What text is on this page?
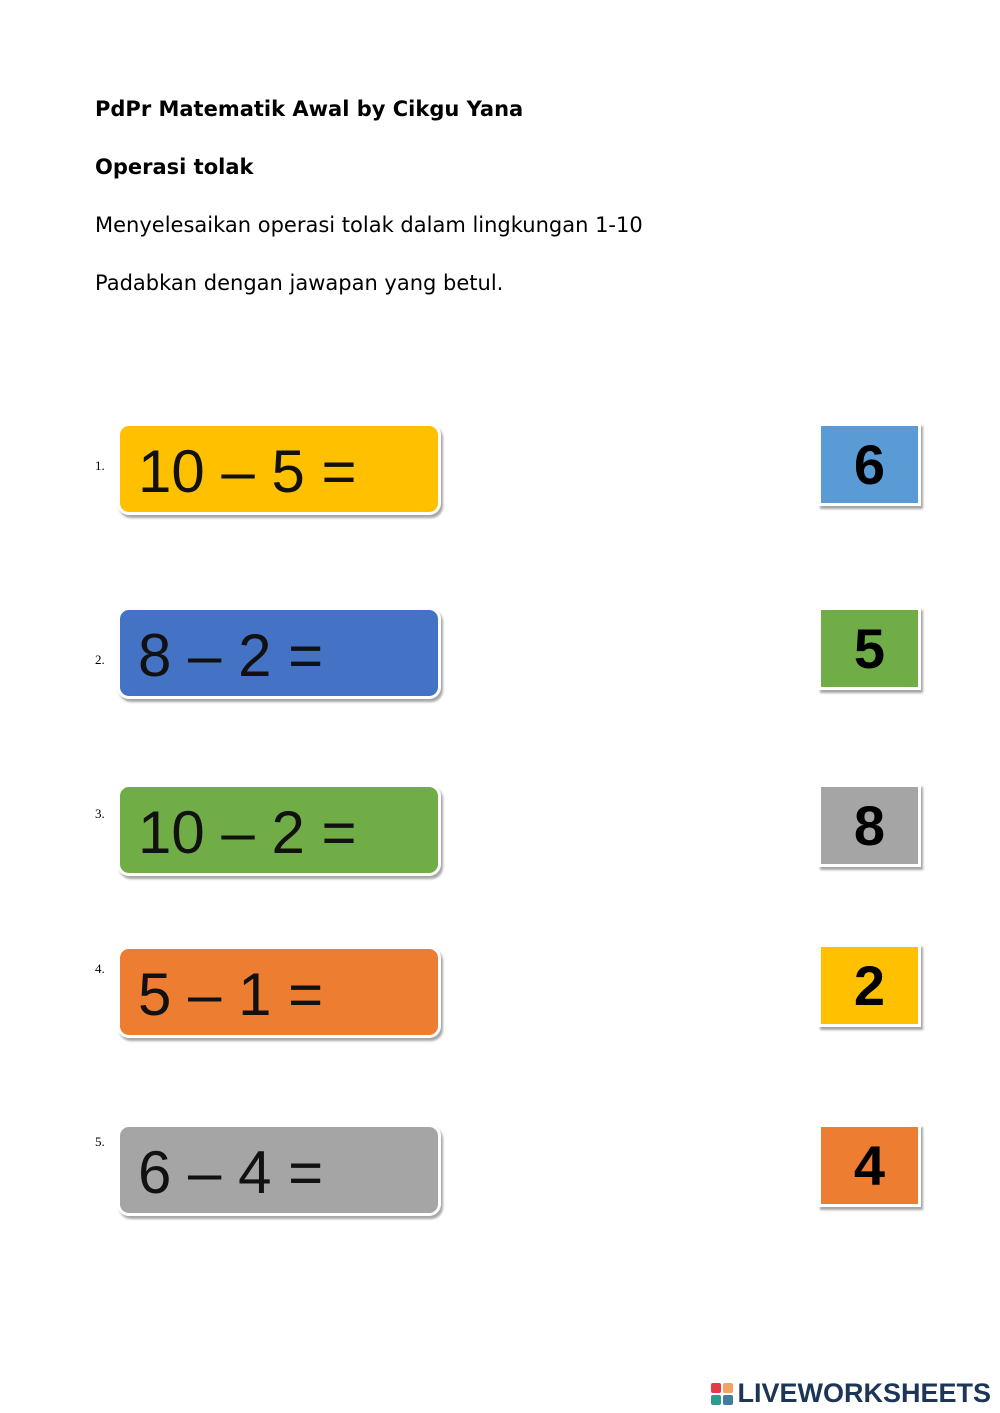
PdPr Matematik Awal by Cikgu Yana
Operasi tolak
Menyelesaikan operasi tolak dalam lingkungan 1-10
Padabkan dengan jawapan yang betul.
1. 10 – 5 =	6
2. 8 – 2 =	5
3. 10 – 2 =	8
4. 5 – 1 =	2
5. 6 – 4 =	4
LIVEWORKSHEETS
